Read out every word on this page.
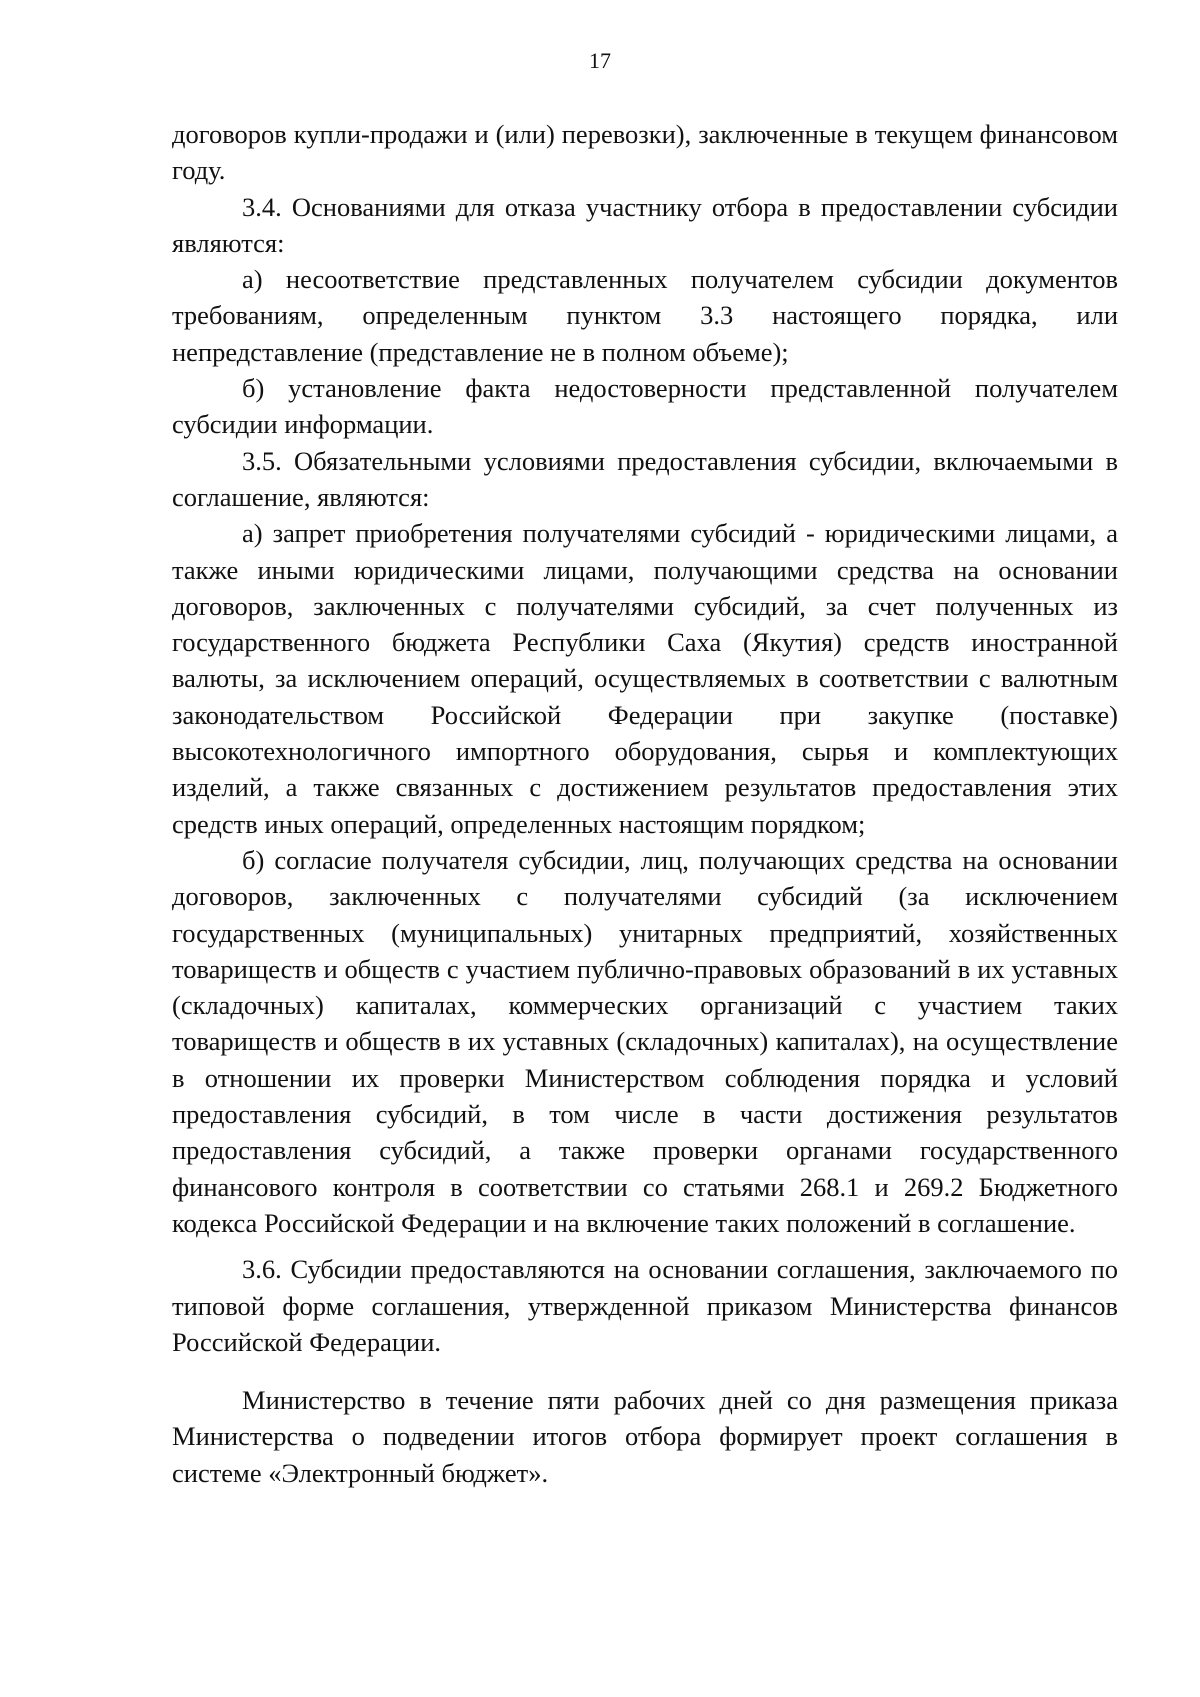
17

договоров купли-продажи и (или) перевозки), заключенные в текущем финансовом году.

3.4. Основаниями для отказа участнику отбора в предоставлении субсидии являются:

а) несоответствие представленных получателем субсидии документов требованиям, определенным пунктом 3.3 настоящего порядка, или непредставление (представление не в полном объеме);

б) установление факта недостоверности представленной получателем субсидии информации.

3.5. Обязательными условиями предоставления субсидии, включаемыми в соглашение, являются:

а) запрет приобретения получателями субсидий - юридическими лицами, а также иными юридическими лицами, получающими средства на основании договоров, заключенных с получателями субсидий, за счет полученных из государственного бюджета Республики Саха (Якутия) средств иностранной валюты, за исключением операций, осуществляемых в соответствии с валютным законодательством Российской Федерации при закупке (поставке) высокотехнологичного импортного оборудования, сырья и комплектующих изделий, а также связанных с достижением результатов предоставления этих средств иных операций, определенных настоящим порядком;

б) согласие получателя субсидии, лиц, получающих средства на основании договоров, заключенных с получателями субсидий (за исключением государственных (муниципальных) унитарных предприятий, хозяйственных товариществ и обществ с участием публично-правовых образований в их уставных (складочных) капиталах, коммерческих организаций с участием таких товариществ и обществ в их уставных (складочных) капиталах), на осуществление в отношении их проверки Министерством соблюдения порядка и условий предоставления субсидий, в том числе в части достижения результатов предоставления субсидий, а также проверки органами государственного финансового контроля в соответствии со статьями 268.1 и 269.2 Бюджетного кодекса Российской Федерации и на включение таких положений в соглашение.

3.6. Субсидии предоставляются на основании соглашения, заключаемого по типовой форме соглашения, утвержденной приказом Министерства финансов Российской Федерации.

Министерство в течение пяти рабочих дней со дня размещения приказа Министерства о подведении итогов отбора формирует проект соглашения в системе «Электронный бюджет».
